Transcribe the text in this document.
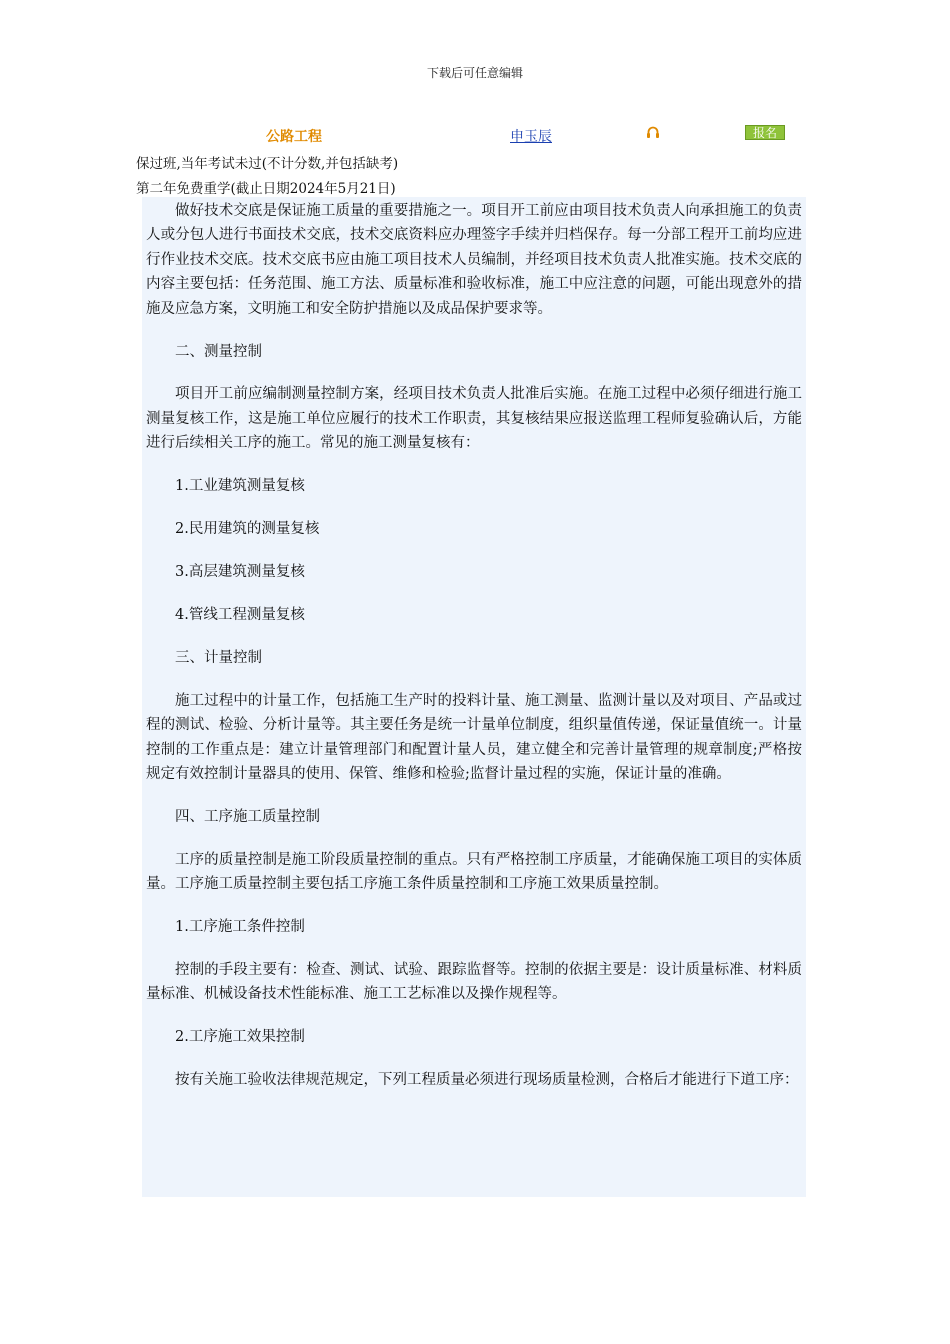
下载后可任意编辑
公路工程	申玉辰	报名
保过班,当年考试未过(不计分数,并包括缺考)
第二年免费重学(截止日期2024年5月21日)

做好技术交底是保证施工质量的重要措施之一。项目开工前应由项目技术负责人向承担施工的负责人或分包人进行书面技术交底，技术交底资料应办理签字手续并归档保存。每一分部工程开工前均应进行作业技术交底。技术交底书应由施工项目技术人员编制，并经项目技术负责人批准实施。技术交底的内容主要包括：任务范围、施工方法、质量标准和验收标准，施工中应注意的问题，可能出现意外的措施及应急方案，文明施工和安全防护措施以及成品保护要求等。

二、测量控制

项目开工前应编制测量控制方案，经项目技术负责人批准后实施。在施工过程中必须仔细进行施工测量复核工作，这是施工单位应履行的技术工作职责，其复核结果应报送监理工程师复验确认后，方能进行后续相关工序的施工。常见的施工测量复核有：

1.工业建筑测量复核

2.民用建筑的测量复核

3.高层建筑测量复核

4.管线工程测量复核

三、计量控制

施工过程中的计量工作，包括施工生产时的投料计量、施工测量、监测计量以及对项目、产品或过程的测试、检验、分析计量等。其主要任务是统一计量单位制度，组织量值传递，保证量值统一。计量控制的工作重点是：建立计量管理部门和配置计量人员，建立健全和完善计量管理的规章制度;严格按规定有效控制计量器具的使用、保管、维修和检验;监督计量过程的实施，保证计量的准确。

四、工序施工质量控制

工序的质量控制是施工阶段质量控制的重点。只有严格控制工序质量，才能确保施工项目的实体质量。工序施工质量控制主要包括工序施工条件质量控制和工序施工效果质量控制。

1.工序施工条件控制

控制的手段主要有：检查、测试、试验、跟踪监督等。控制的依据主要是：设计质量标准、材料质量标准、机械设备技术性能标准、施工工艺标准以及操作规程等。

2.工序施工效果控制

按有关施工验收法律规范规定，下列工程质量必须进行现场质量检测，合格后才能进行下道工序：
